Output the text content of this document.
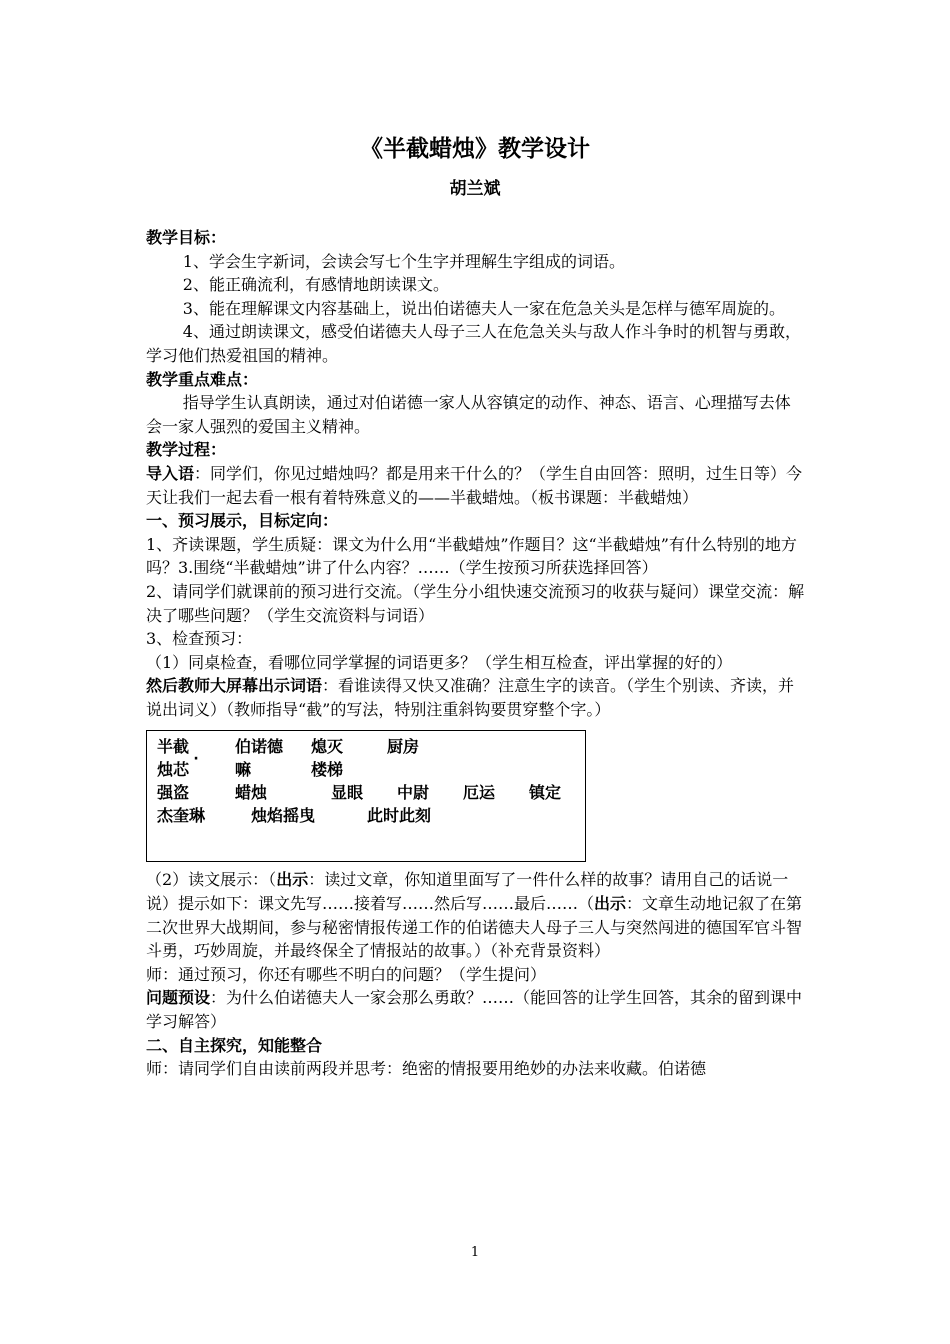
《半截蜡烛》教学设计
胡兰斌

教学目标：

1、学会生字新词，会读会写七个生字并理解生字组成的词语。

2、能正确流利，有感情地朗读课文。

3、能在理解课文内容基础上，说出伯诺德夫人一家在危急关头是怎样与德军周旋的。

4、通过朗读课文，感受伯诺德夫人母子三人在危急关头与敌人作斗争时的机智与勇敢，学习他们热爱祖国的精神。

教学重点难点：

指导学生认真朗读，通过对伯诺德一家人从容镇定的动作、神态、语言、心理描写去体会一家人强烈的爱国主义精神。

教学过程：

导入语：同学们，你见过蜡烛吗？都是用来干什么的？（学生自由回答：照明，过生日等）今天让我们一起去看一根有着特殊意义的——半截蜡烛。（板书课题：半截蜡烛）

一、预习展示，目标定向：

1、齐读课题，学生质疑：课文为什么用“半截蜡烛”作题目？这“半截蜡烛”有什么特别的地方吗？3.围绕“半截蜡烛”讲了什么内容？……（学生按预习所获选择回答）

2、请同学们就课前的预习进行交流。（学生分小组快速交流预习的收获与疑问）课堂交流：解决了哪些问题？（学生交流资料与词语）

3、检查预习：

（1）同桌检查，看哪位同学掌握的词语更多？（学生相互检查，评出掌握的好的）

然后教师大屏幕出示词语：看谁读得又快又准确？注意生字的读音。（学生个别读、齐读，并说出词义）（教师指导“截”的写法，特别注重斜钩要贯穿整个字。）

半截	伯诺德 熄灭	厨房
烛芯	嘛	楼梯
强盗	蜡烛	显眼 中尉 厄运 镇定
杰奎琳	烛焰摇曳	此时此刻

（2）读文展示：（出示：读过文章，你知道里面写了一件什么样的故事？请用自己的话说一说）提示如下：课文先写……接着写……然后写……最后……（出示：文章生动地记叙了在第二次世界大战期间，参与秘密情报传递工作的伯诺德夫人母子三人与突然闯进的德国军官斗智斗勇，巧妙周旋，并最终保全了情报站的故事。）（补充背景资料）

师：通过预习，你还有哪些不明白的问题？（学生提问）

问题预设：为什么伯诺德夫人一家会那么勇敢？……（能回答的让学生回答，其余的留到课中学习解答）

二、自主探究，知能整合

师：请同学们自由读前两段并思考：绝密的情报要用绝妙的办法来收藏。伯诺德

1
